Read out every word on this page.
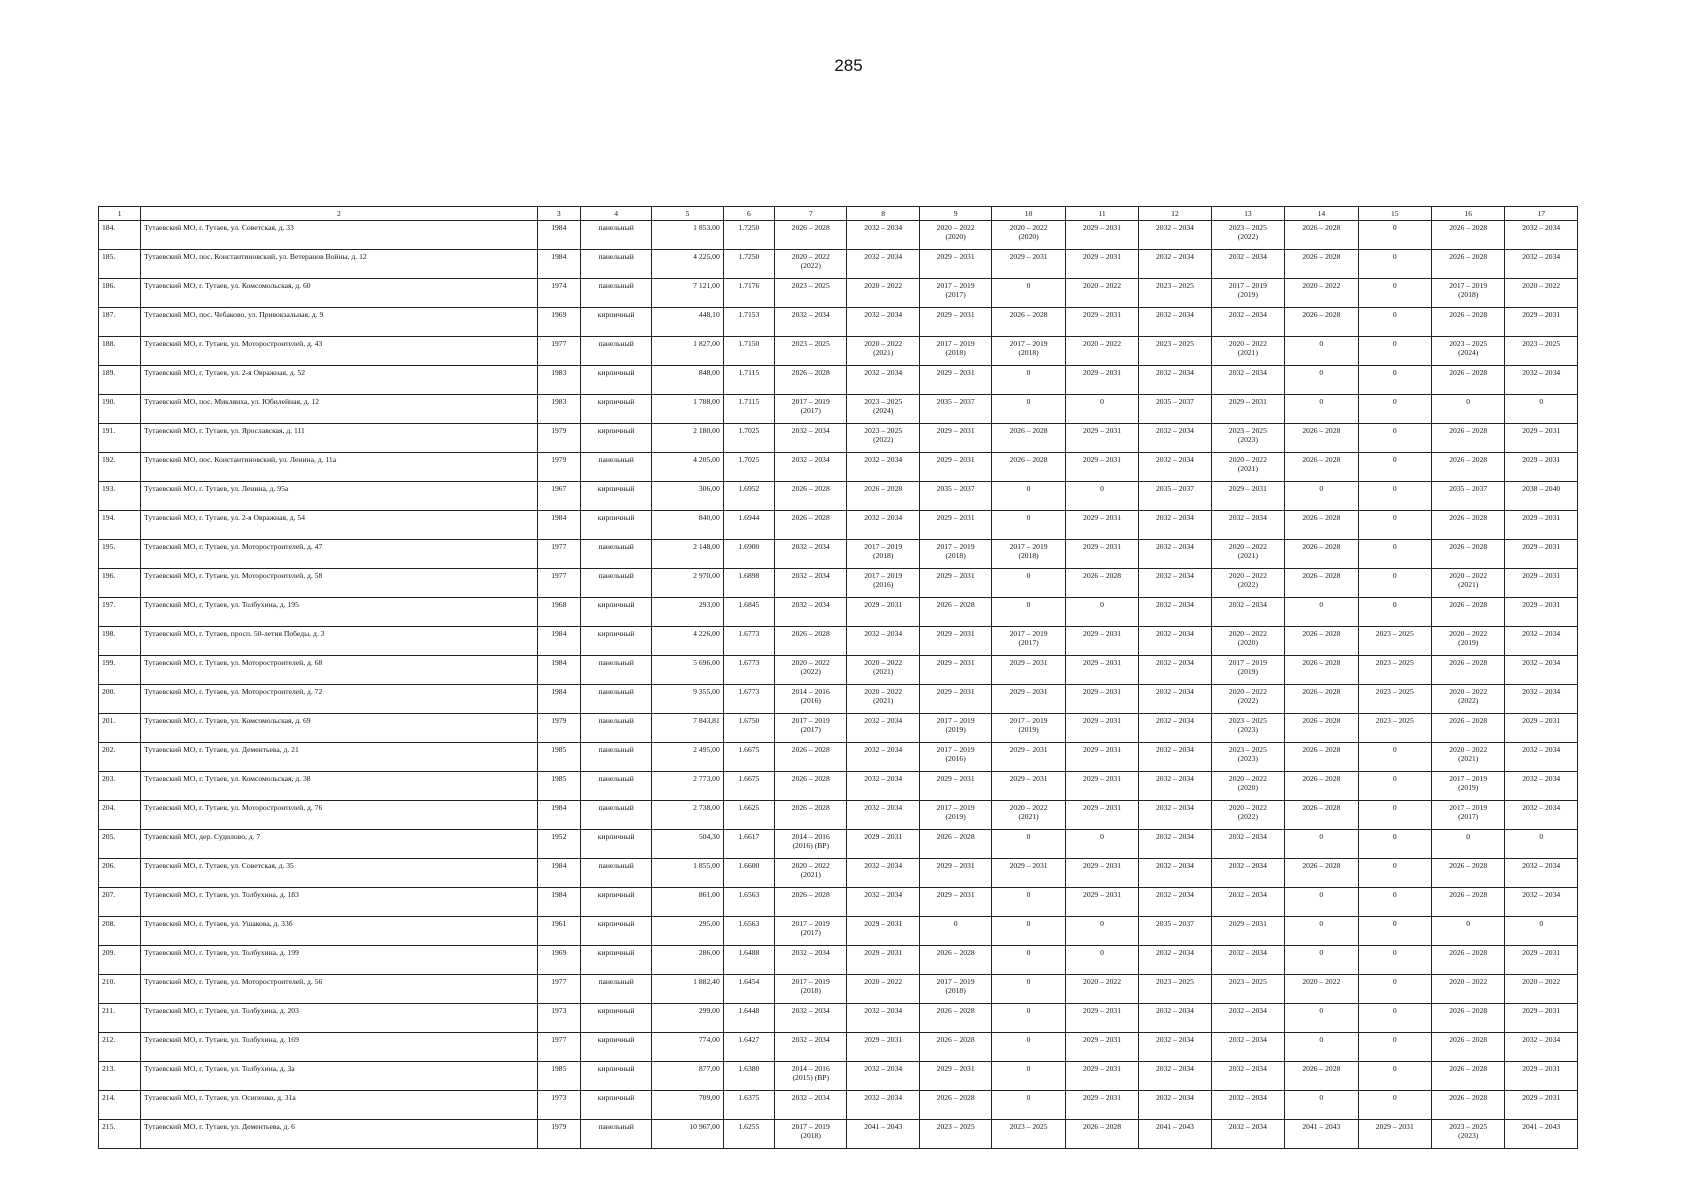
285
1	2	3	4	5	6	7	8	9	10	11	12	13	14	15	16	17
184.	Тутаевский МО, г. Тутаев, ул. Советская, д. 33	1984	панельный	1 853,00	1.7250	2026 – 2028	2032 – 2034	2020 – 2022
(2020)	2020 – 2022
(2020)	2029 – 2031	2032 – 2034	2023 – 2025
(2022)	2026 – 2028	0	2026 – 2028	2032 – 2034
185.	Тутаевский МО, пос. Константиновский, ул. Ветеранов Войны, д. 12	1984	панельный	4 225,00	1.7250	2020 – 2022
(2022)	2032 – 2034	2029 – 2031	2029 – 2031	2029 – 2031	2032 – 2034	2032 – 2034	2026 – 2028	0	2026 – 2028	2032 – 2034
186.	Тутаевский МО, г. Тутаев, ул. Комсомольская, д. 60	1974	панельный	7 121,00	1.7176	2023 – 2025	2020 – 2022	2017 – 2019
(2017)	0	2020 – 2022	2023 – 2025	2017 – 2019
(2019)	2020 – 2022	0	2017 – 2019
(2018)	2020 – 2022
187.	Тутаевский МО, пос. Чебаково, ул. Привокзальная, д. 9	1969	кирпичный	448,10	1.7153	2032 – 2034	2032 – 2034	2029 – 2031	2026 – 2028	2029 – 2031	2032 – 2034	2032 – 2034	2026 – 2028	0	2026 – 2028	2029 – 2031
188.	Тутаевский МО, г. Тутаев, ул. Моторостроителей, д. 43	1977	панельный	1 827,00	1.7150	2023 – 2025	2020 – 2022
(2021)	2017 – 2019
(2018)	2017 – 2019
(2018)	2020 – 2022	2023 – 2025	2020 – 2022
(2021)	0	0	2023 – 2025
(2024)	2023 – 2025
189.	Тутаевский МО, г. Тутаев, ул. 2-я Овражная, д. 52	1983	кирпичный	848,00	1.7115	2026 – 2028	2032 – 2034	2029 – 2031	0	2029 – 2031	2032 – 2034	2032 – 2034	0	0	2026 – 2028	2032 – 2034
190.	Тутаевский МО, пос. Микляиха, ул. Юбилейная, д. 12	1983	кирпичный	1 788,00	1.7115	2017 – 2019
(2017)	2023 – 2025
(2024)	2035 – 2037	0	0	2035 – 2037	2029 – 2031	0	0	0	0
191.	Тутаевский МО, г. Тутаев, ул. Ярославская, д. 111	1979	кирпичный	2 180,00	1.7025	2032 – 2034	2023 – 2025
(2022)	2029 – 2031	2026 – 2028	2029 – 2031	2032 – 2034	2023 – 2025
(2023)	2026 – 2028	0	2026 – 2028	2029 – 2031
192.	Тутаевский МО, пос. Константиновский, ул. Ленина, д. 11а	1979	панельный	4 205,00	1.7025	2032 – 2034	2032 – 2034	2029 – 2031	2026 – 2028	2029 – 2031	2032 – 2034	2020 – 2022
(2021)	2026 – 2028	0	2026 – 2028	2029 – 2031
193.	Тутаевский МО, г. Тутаев, ул. Ленина, д. 95а	1967	кирпичный	306,00	1.6952	2026 – 2028	2026 – 2028	2035 – 2037	0	0	2035 – 2037	2029 – 2031	0	0	2035 – 2037	2038 – 2040
194.	Тутаевский МО, г. Тутаев, ул. 2-я Овражная, д. 54	1984	кирпичный	840,00	1.6944	2026 – 2028	2032 – 2034	2029 – 2031	0	2029 – 2031	2032 – 2034	2032 – 2034	2026 – 2028	0	2026 – 2028	2029 – 2031
195.	Тутаевский МО, г. Тутаев, ул. Моторостроителей, д. 47	1977	панельный	2 148,00	1.6900	2032 – 2034	2017 – 2019
(2018)	2017 – 2019
(2018)	2017 – 2019
(2018)	2029 – 2031	2032 – 2034	2020 – 2022
(2021)	2026 – 2028	0	2026 – 2028	2029 – 2031
196.	Тутаевский МО, г. Тутаев, ул. Моторостроителей, д. 58	1977	панельный	2 970,00	1.6898	2032 – 2034	2017 – 2019
(2016)	2029 – 2031	0	2026 – 2028	2032 – 2034	2020 – 2022
(2022)	2026 – 2028	0	2020 – 2022
(2021)	2029 – 2031
197.	Тутаевский МО, г. Тутаев, ул. Толбухина, д. 195	1968	кирпичный	293,00	1.6845	2032 – 2034	2029 – 2031	2026 – 2028	0	0	2032 – 2034	2032 – 2034	0	0	2026 – 2028	2029 – 2031
198.	Тутаевский МО, г. Тутаев, просп. 50-летия Победы, д. 3	1984	кирпичный	4 226,00	1.6773	2026 – 2028	2032 – 2034	2029 – 2031	2017 – 2019
(2017)	2029 – 2031	2032 – 2034	2020 – 2022
(2020)	2026 – 2028	2023 – 2025	2020 – 2022
(2019)	2032 – 2034
199.	Тутаевский МО, г. Тутаев, ул. Моторостроителей, д. 68	1984	панельный	5 696,00	1.6773	2020 – 2022
(2022)	2020 – 2022
(2021)	2029 – 2031	2029 – 2031	2029 – 2031	2032 – 2034	2017 – 2019
(2019)	2026 – 2028	2023 – 2025	2026 – 2028	2032 – 2034
200.	Тутаевский МО, г. Тутаев, ул. Моторостроителей, д. 72	1984	панельный	9 355,00	1.6773	2014 – 2016
(2016)	2020 – 2022
(2021)	2029 – 2031	2029 – 2031	2029 – 2031	2032 – 2034	2020 – 2022
(2022)	2026 – 2028	2023 – 2025	2020 – 2022
(2022)	2032 – 2034
201.	Тутаевский МО, г. Тутаев, ул. Комсомольская, д. 69	1979	панельный	7 843,81	1.6750	2017 – 2019
(2017)	2032 – 2034	2017 – 2019
(2019)	2017 – 2019
(2019)	2029 – 2031	2032 – 2034	2023 – 2025
(2023)	2026 – 2028	2023 – 2025	2026 – 2028	2029 – 2031
202.	Тутаевский МО, г. Тутаев, ул. Дементьева, д. 21	1985	панельный	2 495,00	1.6675	2026 – 2028	2032 – 2034	2017 – 2019
(2016)	2029 – 2031	2029 – 2031	2032 – 2034	2023 – 2025
(2023)	2026 – 2028	0	2020 – 2022
(2021)	2032 – 2034
203.	Тутаевский МО, г. Тутаев, ул. Комсомольская, д. 38	1985	панельный	2 773,00	1.6675	2026 – 2028	2032 – 2034	2029 – 2031	2029 – 2031	2029 – 2031	2032 – 2034	2020 – 2022
(2020)	2026 – 2028	0	2017 – 2019
(2019)	2032 – 2034
204.	Тутаевский МО, г. Тутаев, ул. Моторостроителей, д. 76	1984	панельный	2 738,00	1.6625	2026 – 2028	2032 – 2034	2017 – 2019
(2019)	2020 – 2022
(2021)	2029 – 2031	2032 – 2034	2020 – 2022
(2022)	2026 – 2028	0	2017 – 2019
(2017)	2032 – 2034
205.	Тутаевский МО, дер. Судилово, д. 7	1952	кирпичный	504,30	1.6617	2014 – 2016
(2016) (BP)	2029 – 2031	2026 – 2028	0	0	2032 – 2034	2032 – 2034	0	0	0	0
206.	Тутаевский МО, г. Тутаев, ул. Советская, д. 35	1984	панельный	1 855,00	1.6600	2020 – 2022
(2021)	2032 – 2034	2029 – 2031	2029 – 2031	2029 – 2031	2032 – 2034	2032 – 2034	2026 – 2028	0	2026 – 2028	2032 – 2034
207.	Тутаевский МО, г. Тутаев, ул. Толбухина, д. 183	1984	кирпичный	861,00	1.6563	2026 – 2028	2032 – 2034	2029 – 2031	0	2029 – 2031	2032 – 2034	2032 – 2034	0	0	2026 – 2028	2032 – 2034
208.	Тутаевский МО, г. Тутаев, ул. Ушакова, д. 33б	1961	кирпичный	295,00	1.6563	2017 – 2019
(2017)	2029 – 2031	0	0	0	2035 – 2037	2029 – 2031	0	0	0	0
209.	Тутаевский МО, г. Тутаев, ул. Толбухина, д. 199	1969	кирпичный	286,00	1.6488	2032 – 2034	2029 – 2031	2026 – 2028	0	0	2032 – 2034	2032 – 2034	0	0	2026 – 2028	2029 – 2031
210.	Тутаевский МО, г. Тутаев, ул. Моторостроителей, д. 56	1977	панельный	1 882,40	1.6454	2017 – 2019
(2018)	2020 – 2022	2017 – 2019
(2018)	0	2020 – 2022	2023 – 2025	2023 – 2025	2020 – 2022	0	2020 – 2022	2020 – 2022
211.	Тутаевский МО, г. Тутаев, ул. Толбухина, д. 203	1973	кирпичный	299,00	1.6448	2032 – 2034	2032 – 2034	2026 – 2028	0	2029 – 2031	2032 – 2034	2032 – 2034	0	0	2026 – 2028	2029 – 2031
212.	Тутаевский МО, г. Тутаев, ул. Толбухина, д. 169	1977	кирпичный	774,00	1.6427	2032 – 2034	2029 – 2031	2026 – 2028	0	2029 – 2031	2032 – 2034	2032 – 2034	0	0	2026 – 2028	2032 – 2034
213.	Тутаевский МО, г. Тутаев, ул. Толбухина, д. 3а	1985	кирпичный	877,00	1.6380	2014 – 2016
(2015) (BP)	2032 – 2034	2029 – 2031	0	2029 – 2031	2032 – 2034	2032 – 2034	2026 – 2028	0	2026 – 2028	2029 – 2031
214.	Тутаевский МО, г. Тутаев, ул. Осипенко, д. 31а	1973	кирпичный	709,00	1.6375	2032 – 2034	2032 – 2034	2026 – 2028	0	2029 – 2031	2032 – 2034	2032 – 2034	0	0	2026 – 2028	2029 – 2031
215.	Тутаевский МО, г. Тутаев, ул. Дементьева, д. 6	1979	панельный	10 967,00	1.6255	2017 – 2019
(2018)	2041 – 2043	2023 – 2025	2023 – 2025	2026 – 2028	2041 – 2043	2032 – 2034	2041 – 2043	2029 – 2031	2023 – 2025
(2023)	2041 – 2043
